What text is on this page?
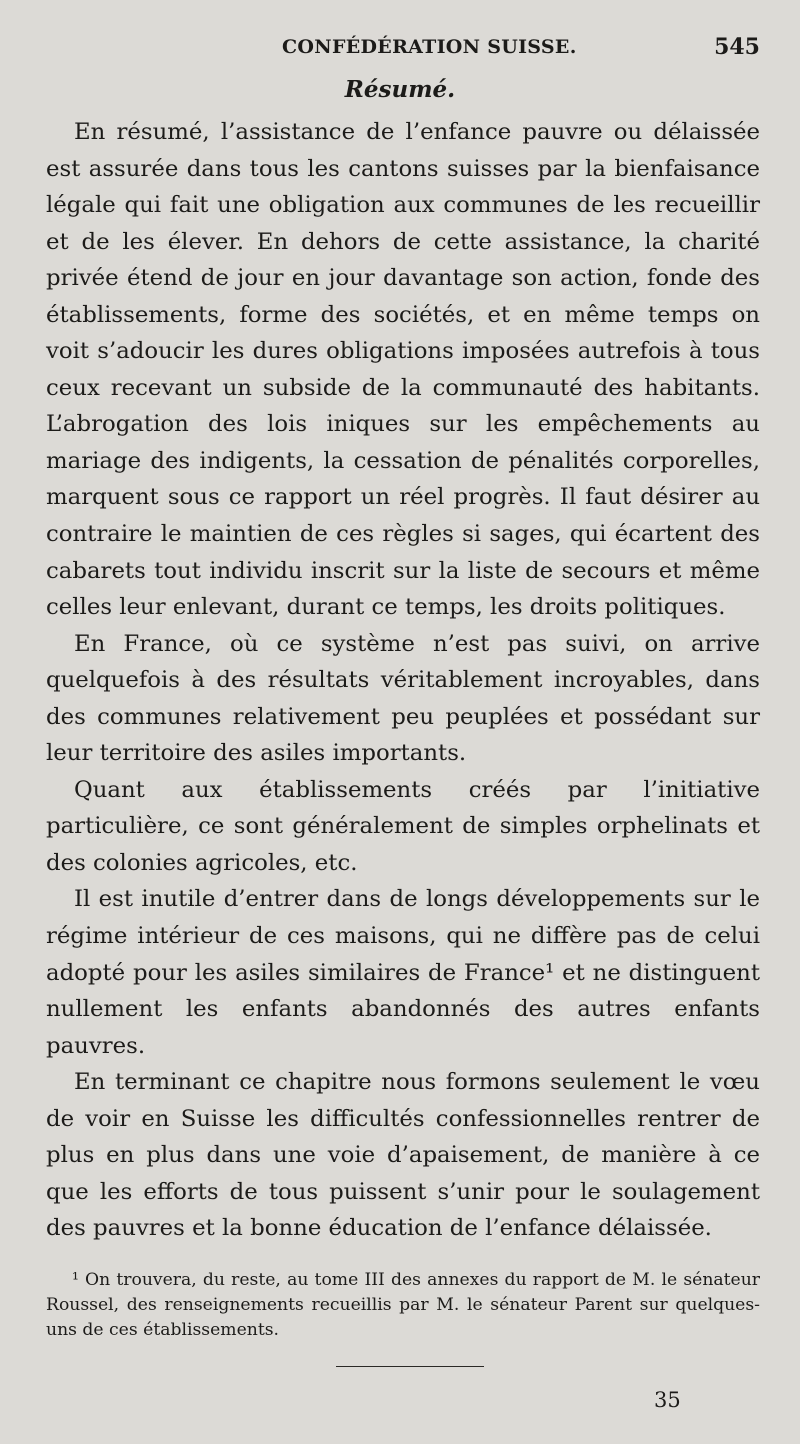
CONFÉDÉRATION SUISSE.	545
Résumé.

En résumé, l’assistance de l’enfance pauvre ou délaissée est assurée dans tous les cantons suisses par la bienfaisance légale qui fait une obligation aux communes de les recueillir et de les élever. En dehors de cette assistance, la charité privée étend de jour en jour davantage son action, fonde des établissements, forme des sociétés, et en même temps on voit s’adoucir les dures obligations imposées autrefois à tous ceux recevant un subside de la communauté des habitants. L’abrogation des lois iniques sur les empêchements au mariage des indigents, la cessation de pénalités corporelles, marquent sous ce rapport un réel progrès. Il faut désirer au contraire le maintien de ces règles si sages, qui écartent des cabarets tout individu inscrit sur la liste de secours et même celles leur enlevant, durant ce temps, les droits politiques.

En France, où ce système n’est pas suivi, on arrive quelquefois à des résultats véritablement incroyables, dans des communes relativement peu peuplées et possédant sur leur territoire des asiles importants.

Quant aux établissements créés par l’initiative particulière, ce sont généralement de simples orphelinats et des colonies agricoles, etc.

Il est inutile d’entrer dans de longs développements sur le régime intérieur de ces maisons, qui ne diffère pas de celui adopté pour les asiles similaires de France¹ et ne distinguent nullement les enfants abandonnés des autres enfants pauvres.

En terminant ce chapitre nous formons seulement le vœu de voir en Suisse les difficultés confessionnelles rentrer de plus en plus dans une voie d’apaisement, de manière à ce que les efforts de tous puissent s’unir pour le soulagement des pauvres et la bonne éducation de l’enfance délaissée.

¹ On trouvera, du reste, au tome III des annexes du rapport de M. le sénateur Roussel, des renseignements recueillis par M. le sénateur Parent sur quelques-uns de ces établissements.

35
